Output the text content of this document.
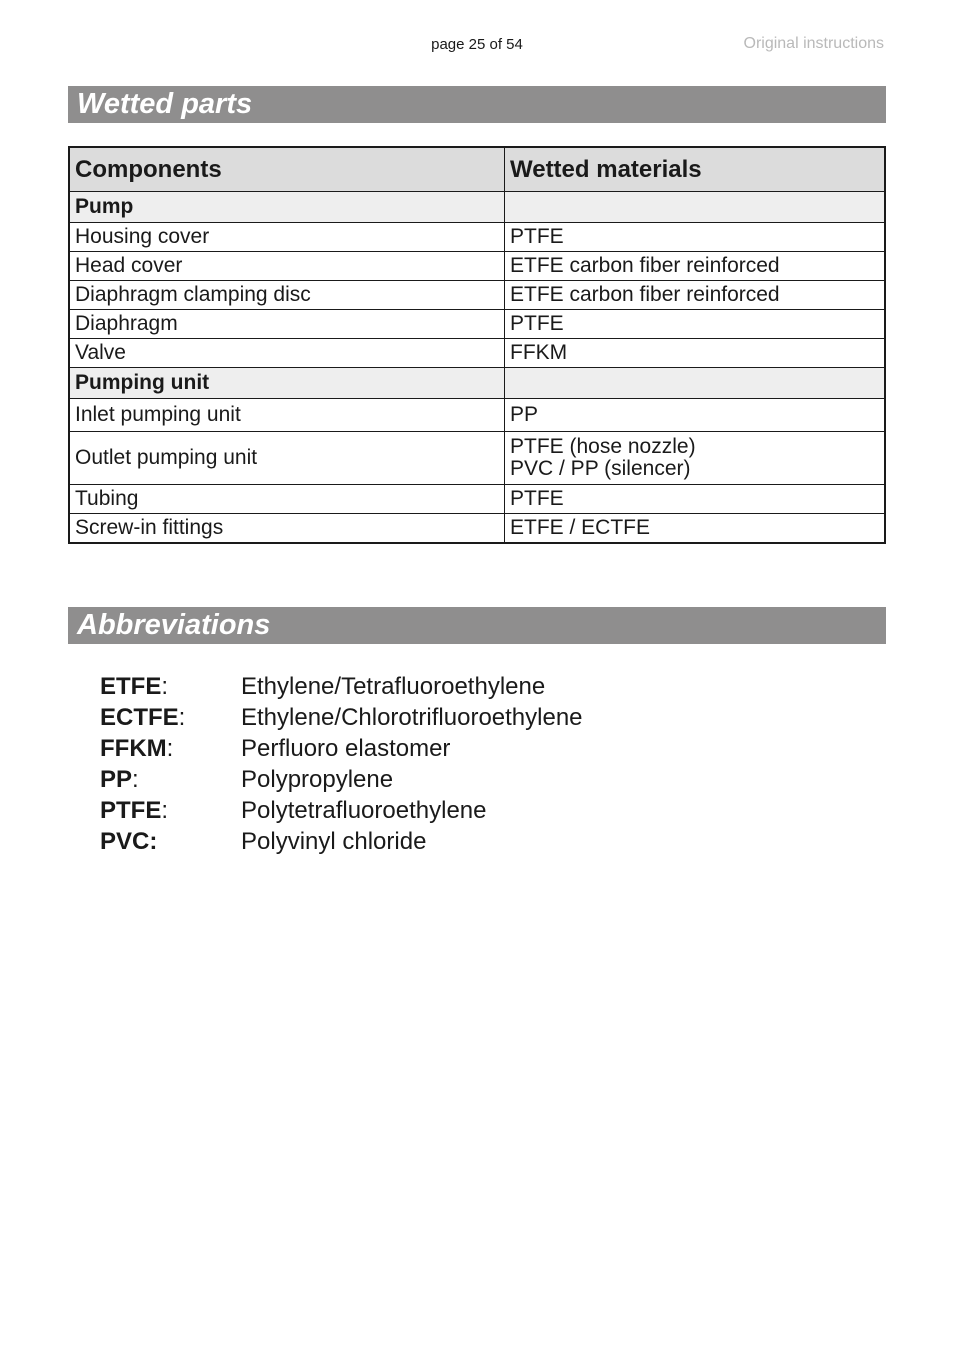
page 25 of 54	Original instructions
Wetted parts
Components	Wetted materials
Pump	
Housing cover	PTFE

Head cover	ETFE carbon fiber reinforced

Diaphragm clamping disc	ETFE carbon fiber reinforced

Diaphragm	PTFE

Valve	FFKM

Pumping unit	
Inlet pumping unit	PP

Outlet pumping unit	PTFE (hose nozzle)
PVC / PP (silencer)

Tubing	PTFE

Screw-in fittings	ETFE / ECTFE
Abbreviations
ETFE:	Ethylene/Tetrafluoroethylene
ECTFE:	Ethylene/Chlorotrifluoroethylene
FFKM:	Perfluoro elastomer
PP:	Polypropylene
PTFE:	Polytetrafluoroethylene
PVC:	Polyvinyl chloride
